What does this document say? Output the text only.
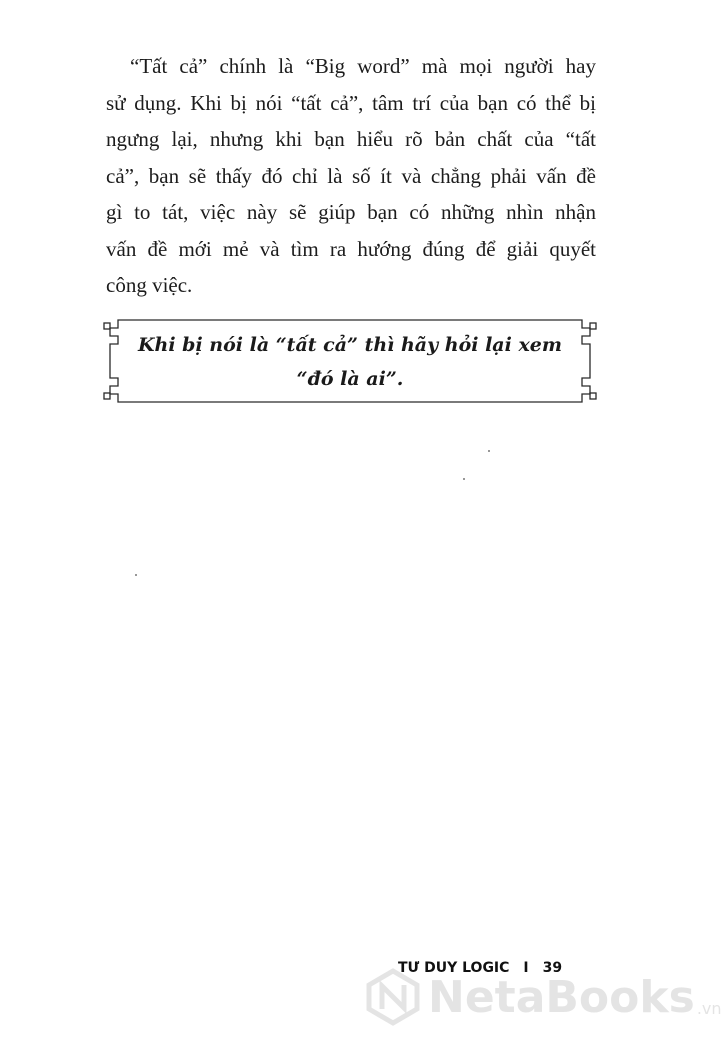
“Tất cả” chính là “Big word” mà mọi người hay
sử dụng. Khi bị nói “tất cả”, tâm trí của bạn có thể bị
ngưng lại, nhưng khi bạn hiểu rõ bản chất của “tất
cả”, bạn sẽ thấy đó chỉ là số ít và chẳng phải vấn đề
gì to tát, việc này sẽ giúp bạn có những nhìn nhận
vấn đề mới mẻ và tìm ra hướng đúng để giải quyết
công việc.
Khi bị nói là “tất cả” thì hãy hỏi lại xem
“đó là ai”.
TƯ DUY LOGIC I 39
NetaBooks .vn
